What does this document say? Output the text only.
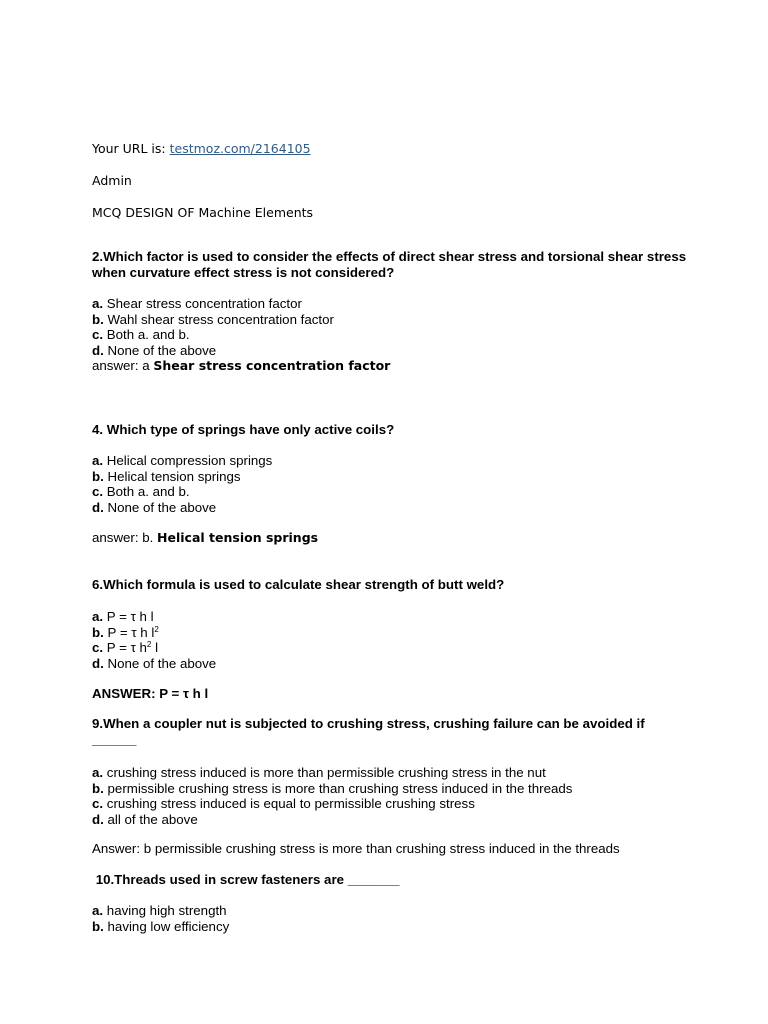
Your URL is: testmoz.com/2164105
Admin
MCQ DESIGN OF Machine Elements
2.Which factor is used to consider the effects of direct shear stress and torsional shear stress when curvature effect stress is not considered?
a. Shear stress concentration factor
b. Wahl shear stress concentration factor
c. Both a. and b.
d. None of the above
answer: a Shear stress concentration factor
4. Which type of springs have only active coils?
a. Helical compression springs
b. Helical tension springs
c. Both a. and b.
d. None of the above
answer: b. Helical tension springs
6.Which formula is used to calculate shear strength of butt weld?
a. P = τ h l
b. P = τ h $l^2$
c. P = τ $h^2$ l
d. None of the above
ANSWER: P = τ h l
9.When a coupler nut is subjected to crushing stress, crushing failure can be avoided if ______
a. crushing stress induced is more than permissible crushing stress in the nut
b. permissible crushing stress is more than crushing stress induced in the threads
c. crushing stress induced is equal to permissible crushing stress
d. all of the above
Answer: b permissible crushing stress is more than crushing stress induced in the threads
10.Threads used in screw fasteners are _______
a. having high strength
b. having low efficiency
